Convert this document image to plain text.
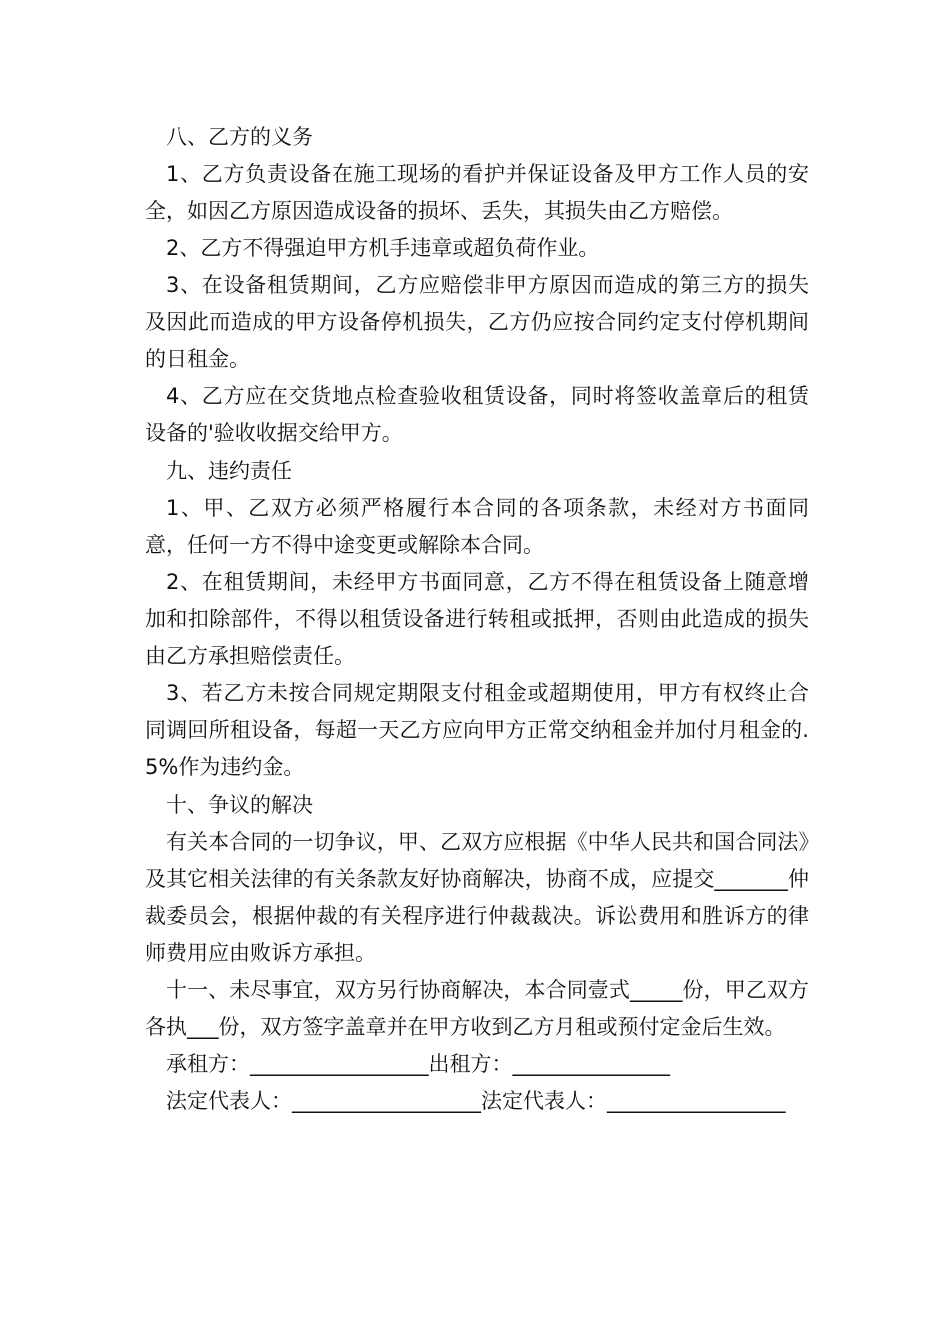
八、乙方的义务

1、乙方负责设备在施工现场的看护并保证设备及甲方工作人员的安全，如因乙方原因造成设备的损坏、丢失，其损失由乙方赔偿。

2、乙方不得强迫甲方机手违章或超负荷作业。

3、在设备租赁期间，乙方应赔偿非甲方原因而造成的第三方的损失及因此而造成的甲方设备停机损失，乙方仍应按合同约定支付停机期间的日租金。

4、乙方应在交货地点检查验收租赁设备，同时将签收盖章后的租赁设备的'验收收据交给甲方。

九、违约责任

1、甲、乙双方必须严格履行本合同的各项条款，未经对方书面同意，任何一方不得中途变更或解除本合同。

2、在租赁期间，未经甲方书面同意，乙方不得在租赁设备上随意增加和扣除部件，不得以租赁设备进行转租或抵押，否则由此造成的损失由乙方承担赔偿责任。

3、若乙方未按合同规定期限支付租金或超期使用，甲方有权终止合同调回所租设备，每超一天乙方应向甲方正常交纳租金并加付月租金的.5%作为违约金。

十、争议的解决

有关本合同的一切争议，甲、乙双方应根据《中华人民共和国合同法》及其它相关法律的有关条款友好协商解决，协商不成，应提交_______仲裁委员会，根据仲裁的有关程序进行仲裁裁决。诉讼费用和胜诉方的律师费用应由败诉方承担。

十一、未尽事宜，双方另行协商解决，本合同壹式_____份，甲乙双方各执___份，双方签字盖章并在甲方收到乙方月租或预付定金后生效。

承租方：_________________出租方：_______________

法定代表人：__________________法定代表人：_________________
